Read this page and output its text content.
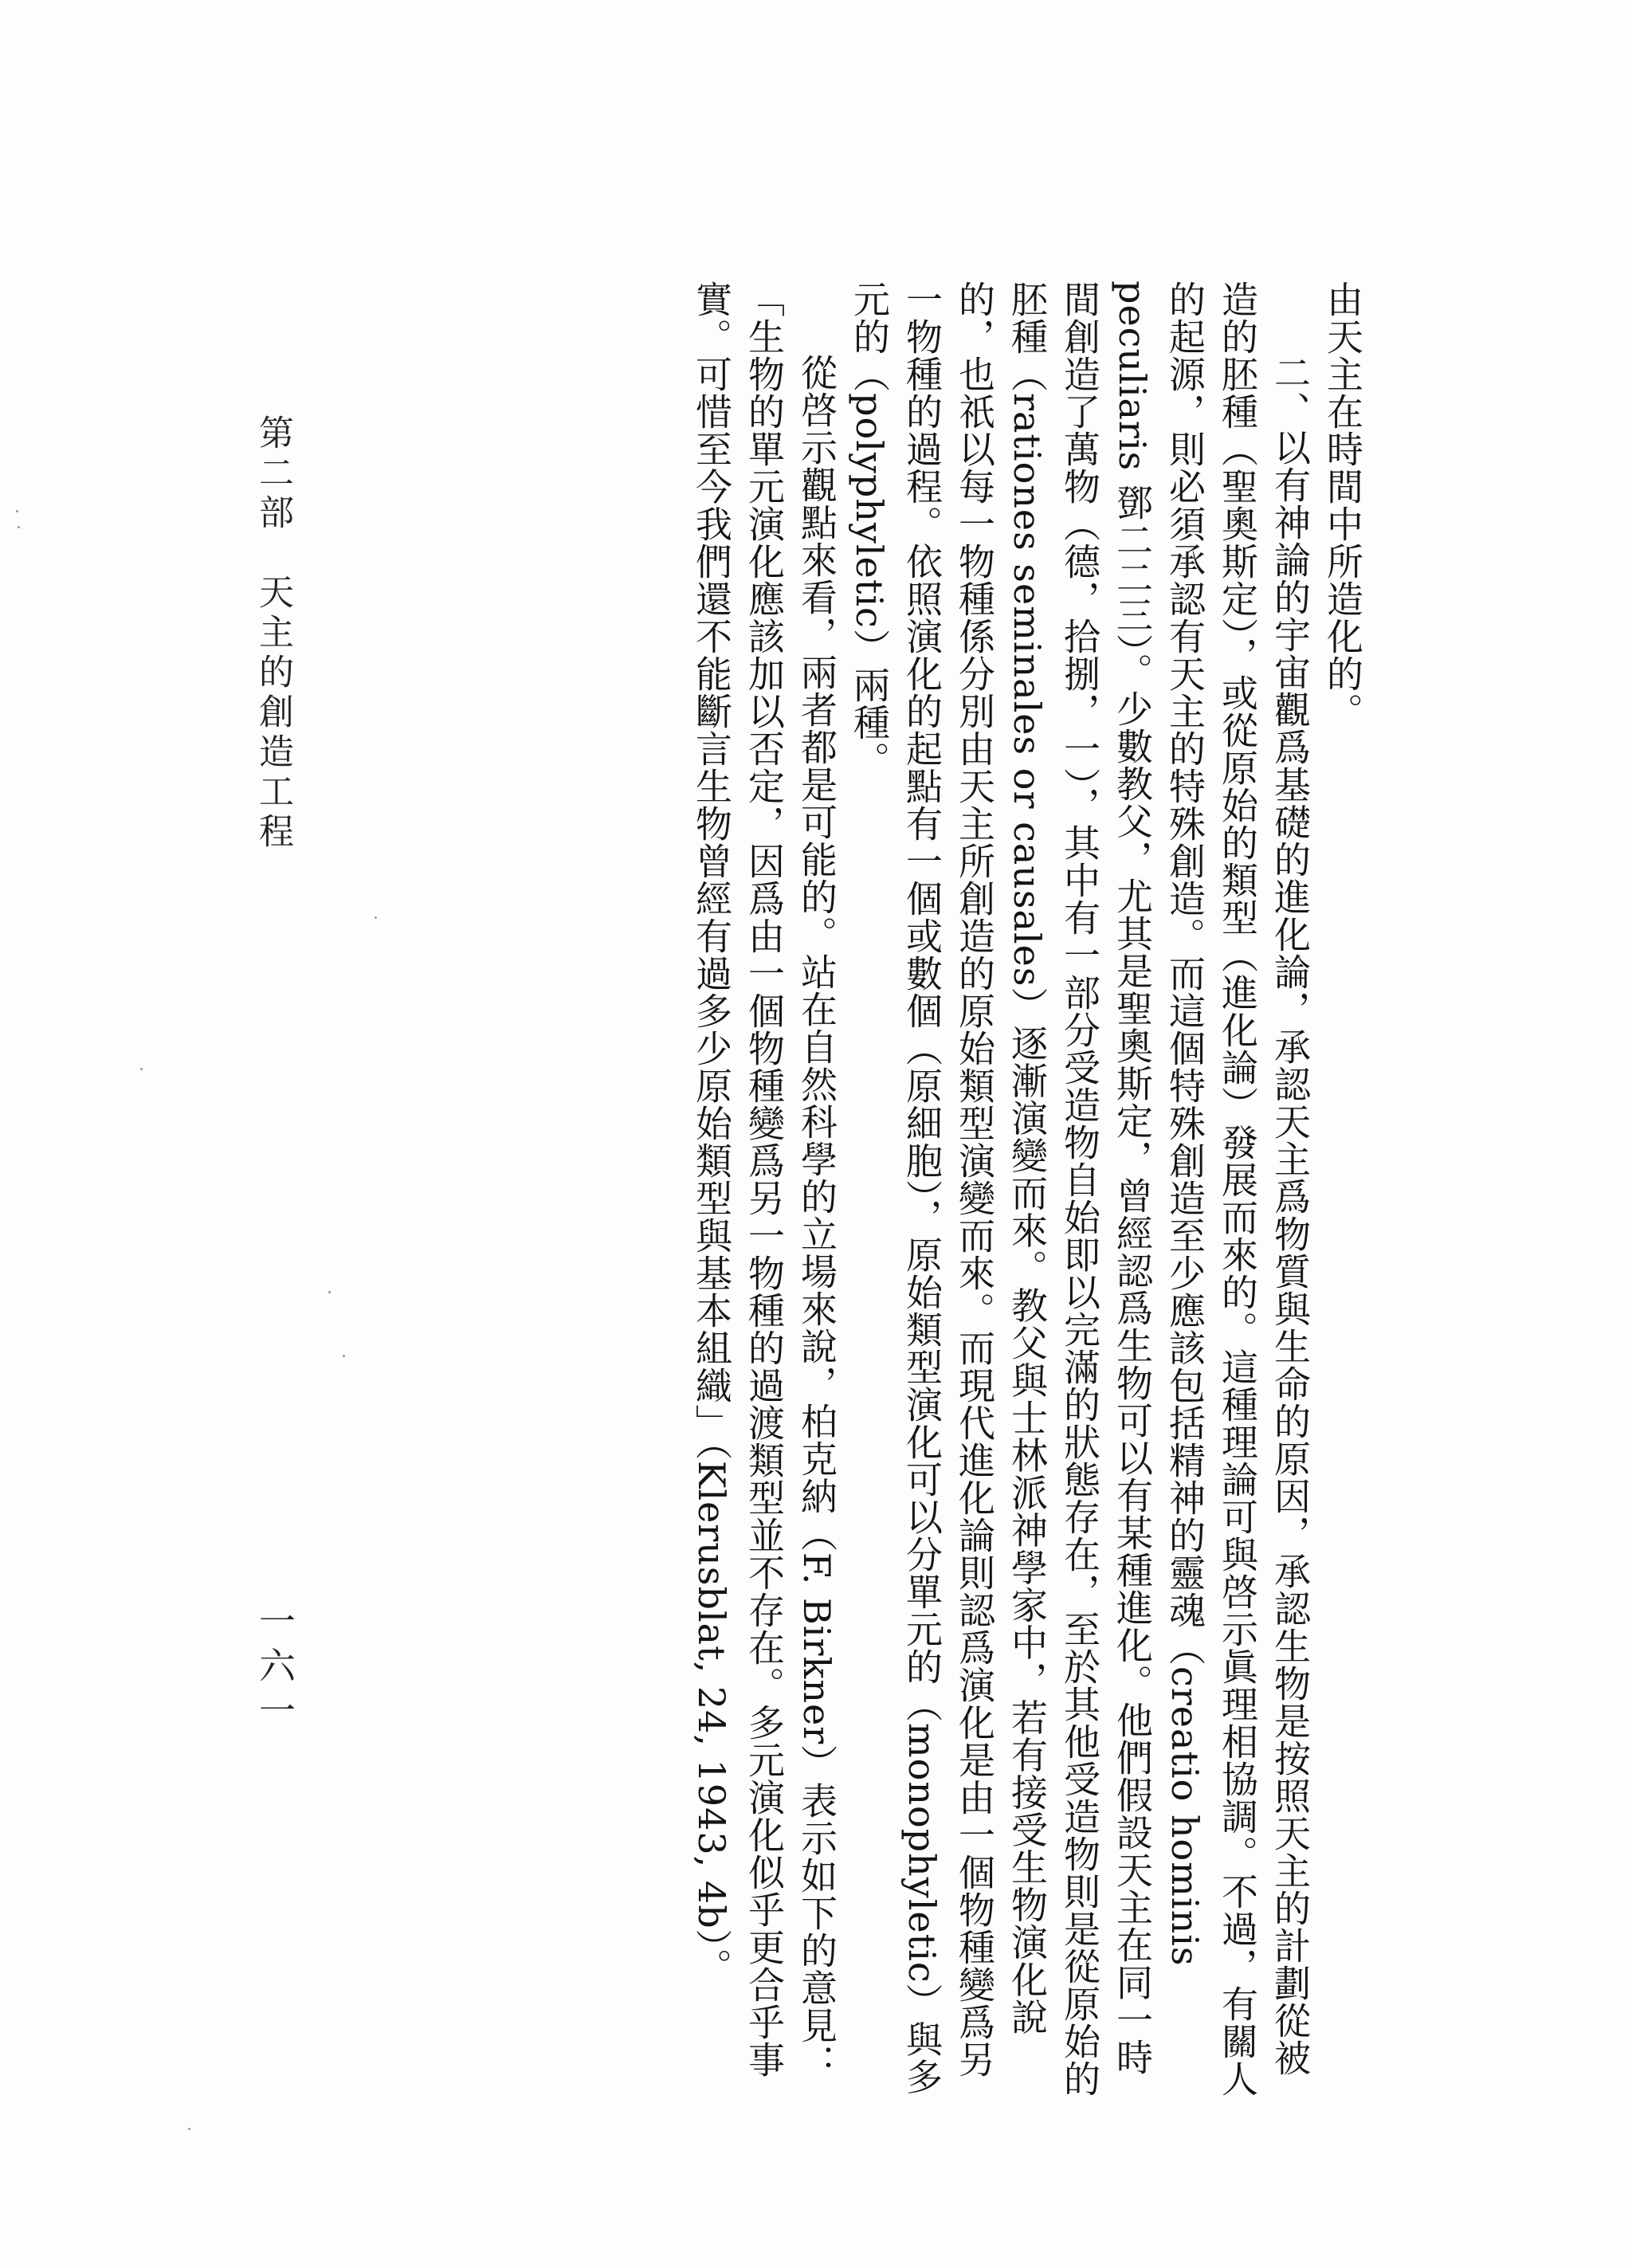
由天主在時間中所造化的。

二、以有神論的宇宙觀爲基礎的進化論，承認天主爲物質與生命的原因，承認生物是按照天主的計劃從被造的胚種（聖奧斯定），或從原始的類型（進化論）發展而來的。這種理論可與啓示眞理相協調。不過，有關人的起源，則必須承認有天主的特殊創造。而這個特殊創造至少應該包括精神的靈魂（creatio hominis peculiaris 鄧二二三）。少數教父，尤其是聖奧斯定，曾經認爲生物可以有某種進化。他們假設天主在同一時間創造了萬物（德，拾捌，一），其中有一部分受造物自始即以完滿的狀態存在，至於其他受造物則是從原始的胚種（rationes seminales or causales）逐漸演變而來。教父與士林派神學家中，若有接受生物演化說的，也祇以每一物種係分別由天主所創造的原始類型演變而來。而現代進化論則認爲演化是由一個物種變爲另一物種的過程。依照演化的起點有一個或數個（原細胞），原始類型演化可以分單元的（monophyletic）與多元的（polyphyletic）兩種。

從啓示觀點來看，兩者都是可能的。站在自然科學的立場來說，柏克納（F. Birkner）表示如下的意見：「生物的單元演化應該加以否定，因爲由一個物種變爲另一物種的過渡類型並不存在。多元演化似乎更合乎事實。可惜至今我們還不能斷言生物曾經有過多少原始類型與基本組織」（Klerusblat, 24, 1943, 4b）。

第二部　天主的創造工程
一六一
